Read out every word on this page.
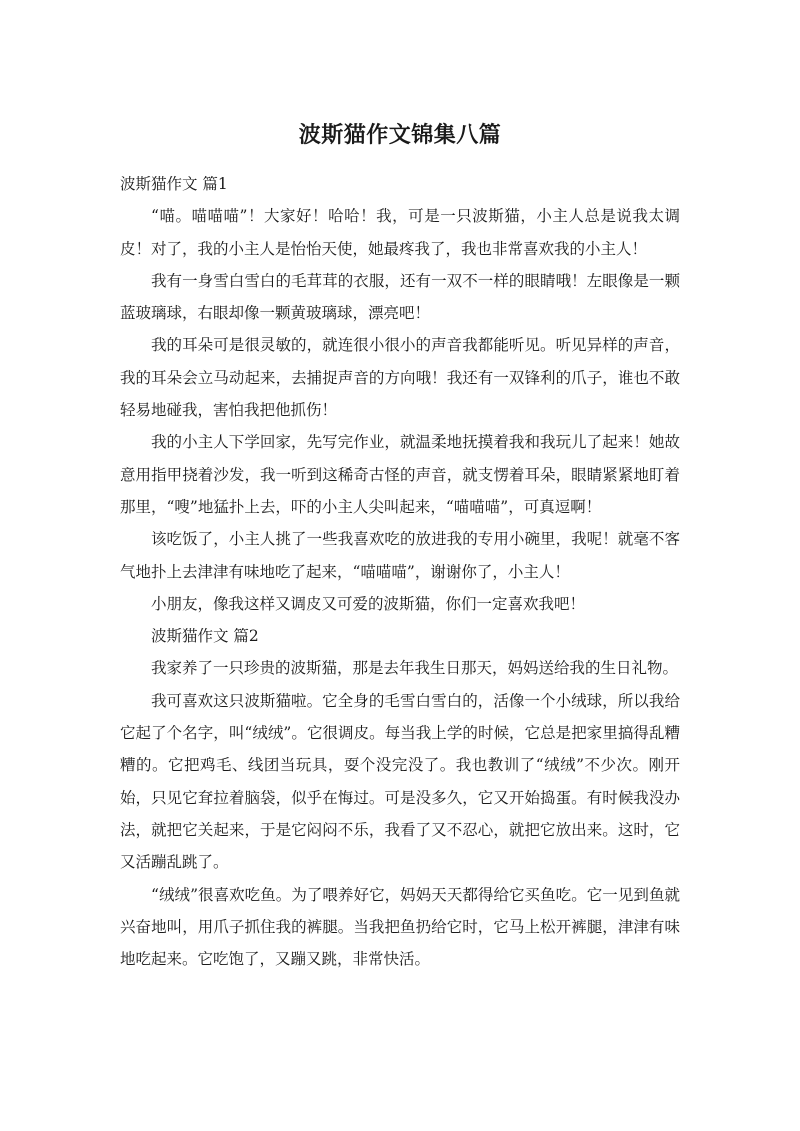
波斯猫作文锦集八篇

波斯猫作文 篇1

“喵。喵喵喵”！大家好！哈哈！我，可是一只波斯猫，小主人总是说我太调皮！对了，我的小主人是怡怡天使，她最疼我了，我也非常喜欢我的小主人！

我有一身雪白雪白的毛茸茸的衣服，还有一双不一样的眼睛哦！左眼像是一颗蓝玻璃球，右眼却像一颗黄玻璃球，漂亮吧！

我的耳朵可是很灵敏的，就连很小很小的声音我都能听见。听见异样的声音，我的耳朵会立马动起来，去捕捉声音的方向哦！我还有一双锋利的爪子，谁也不敢轻易地碰我，害怕我把他抓伤！

我的小主人下学回家，先写完作业，就温柔地抚摸着我和我玩儿了起来！她故意用指甲挠着沙发，我一听到这稀奇古怪的声音，就支愣着耳朵，眼睛紧紧地盯着那里，“嗖”地猛扑上去，吓的小主人尖叫起来，“喵喵喵”，可真逗啊！

该吃饭了，小主人挑了一些我喜欢吃的放进我的专用小碗里，我呢！就毫不客气地扑上去津津有味地吃了起来，“喵喵喵”，谢谢你了，小主人！

小朋友，像我这样又调皮又可爱的波斯猫，你们一定喜欢我吧！

波斯猫作文 篇2

我家养了一只珍贵的波斯猫，那是去年我生日那天，妈妈送给我的生日礼物。

我可喜欢这只波斯猫啦。它全身的毛雪白雪白的，活像一个小绒球，所以我给它起了个名字，叫“绒绒”。它很调皮。每当我上学的时候，它总是把家里搞得乱糟糟的。它把鸡毛、线团当玩具，耍个没完没了。我也教训了“绒绒”不少次。刚开始，只见它耷拉着脑袋，似乎在悔过。可是没多久，它又开始捣蛋。有时候我没办法，就把它关起来，于是它闷闷不乐，我看了又不忍心，就把它放出来。这时，它又活蹦乱跳了。

“绒绒”很喜欢吃鱼。为了喂养好它，妈妈天天都得给它买鱼吃。它一见到鱼就兴奋地叫，用爪子抓住我的裤腿。当我把鱼扔给它时，它马上松开裤腿，津津有味地吃起来。它吃饱了，又蹦又跳，非常快活。
